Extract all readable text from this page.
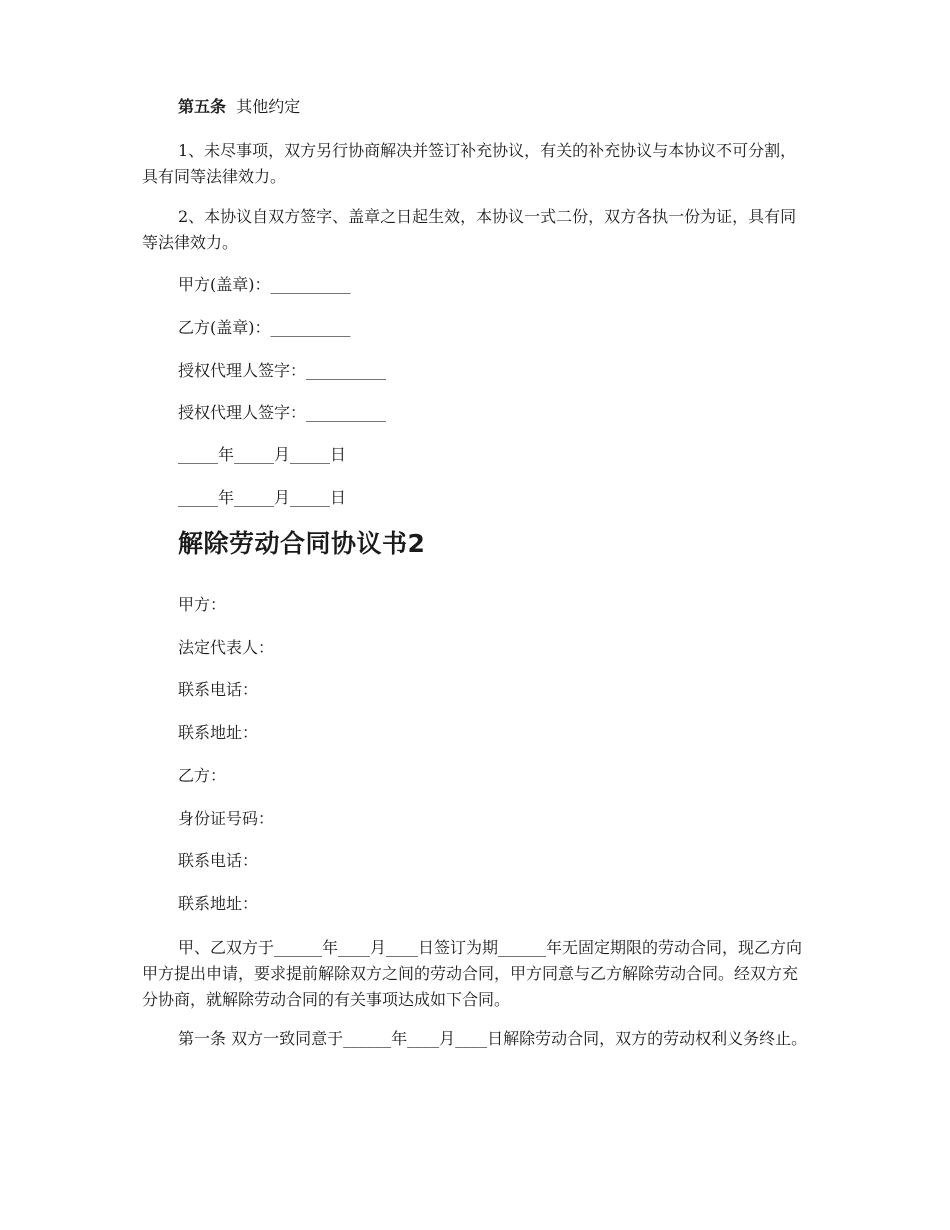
第五条 其他约定

1、未尽事项，双方另行协商解决并签订补充协议，有关的补充协议与本协议不可分割，具有同等法律效力。

2、本协议自双方签字、盖章之日起生效，本协议一式二份，双方各执一份为证，具有同等法律效力。

甲方(盖章)：__________

乙方(盖章)：__________

授权代理人签字：__________

授权代理人签字：__________

_____年_____月_____日

_____年_____月_____日

解除劳动合同协议书2

甲方：

法定代表人：

联系电话：

联系地址：

乙方：

身份证号码：

联系电话：

联系地址：

甲、乙双方于______年____月____日签订为期______年无固定期限的劳动合同，现乙方向甲方提出申请，要求提前解除双方之间的劳动合同，甲方同意与乙方解除劳动合同。经双方充分协商，就解除劳动合同的有关事项达成如下合同。

第一条 双方一致同意于______年____月____日解除劳动合同，双方的劳动权利义务终止。
